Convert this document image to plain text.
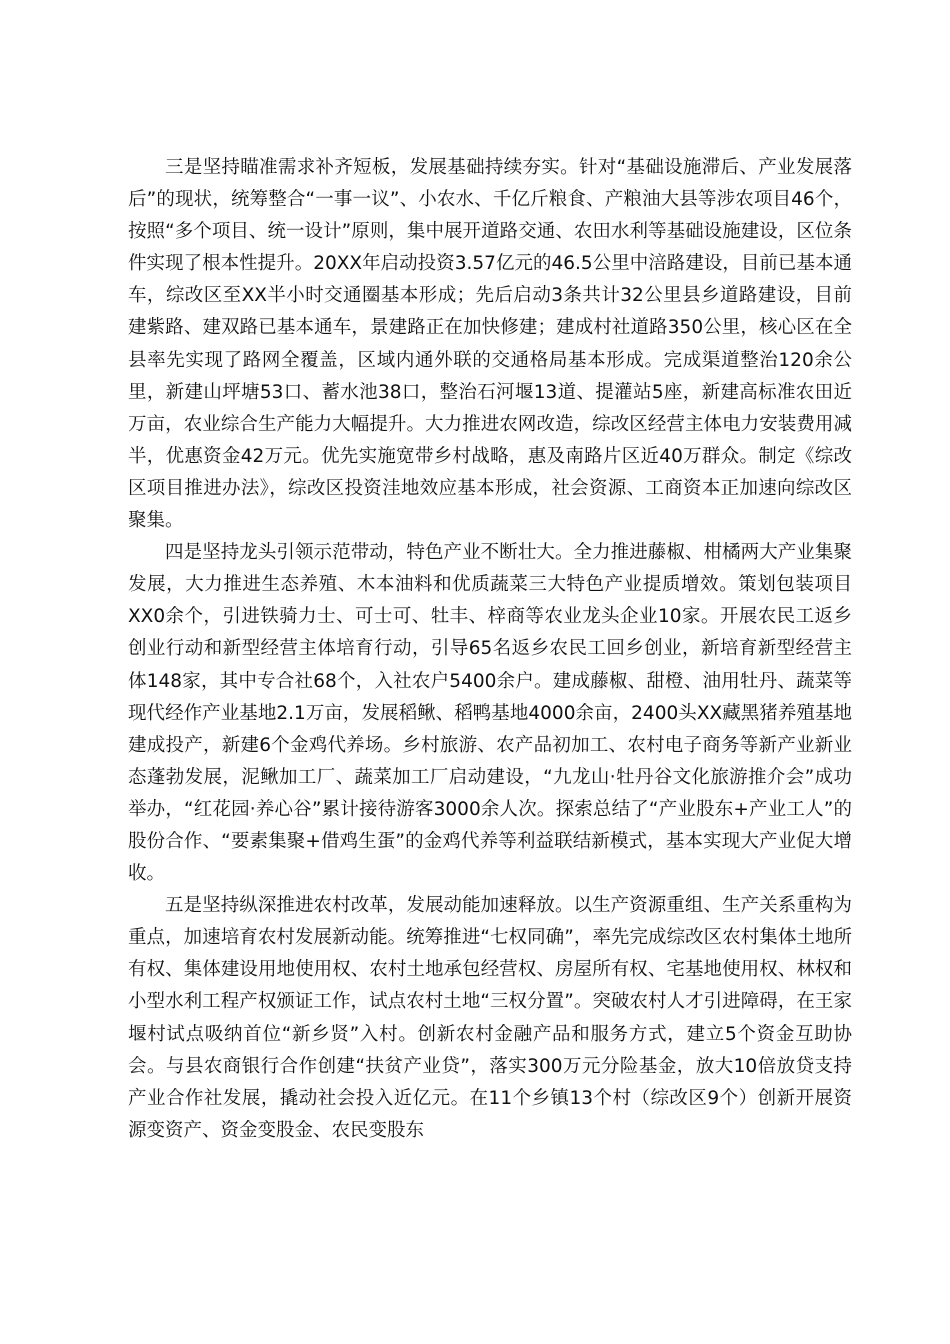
三是坚持瞄准需求补齐短板，发展基础持续夯实。针对“基础设施滞后、产业发展落后”的现状，统筹整合“一事一议”、小农水、千亿斤粮食、产粮油大县等涉农项目46个，按照“多个项目、统一设计”原则，集中展开道路交通、农田水利等基础设施建设，区位条件实现了根本性提升。20XX年启动投资3.57亿元的46.5公里中涪路建设，目前已基本通车，综改区至XX半小时交通圈基本形成；先后启动3条共计32公里县乡道路建设，目前建紫路、建双路已基本通车，景建路正在加快修建；建成村社道路350公里，核心区在全县率先实现了路网全覆盖，区域内通外联的交通格局基本形成。完成渠道整治120余公里，新建山坪塘53口、蓄水池38口，整治石河堰13道、提灌站5座，新建高标准农田近万亩，农业综合生产能力大幅提升。大力推进农网改造，综改区经营主体电力安装费用减半，优惠资金42万元。优先实施宽带乡村战略，惠及南路片区近40万群众。制定《综改区项目推进办法》，综改区投资洼地效应基本形成，社会资源、工商资本正加速向综改区聚集。

四是坚持龙头引领示范带动，特色产业不断壮大。全力推进藤椒、柑橘两大产业集聚发展，大力推进生态养殖、木本油料和优质蔬菜三大特色产业提质增效。策划包装项目XX0余个，引进铁骑力士、可士可、牡丰、梓商等农业龙头企业10家。开展农民工返乡创业行动和新型经营主体培育行动，引导65名返乡农民工回乡创业，新培育新型经营主体148家，其中专合社68个，入社农户5400余户。建成藤椒、甜橙、油用牡丹、蔬菜等现代经作产业基地2.1万亩，发展稻鳅、稻鸭基地4000余亩，2400头XX藏黑猪养殖基地建成投产，新建6个金鸡代养场。乡村旅游、农产品初加工、农村电子商务等新产业新业态蓬勃发展，泥鳅加工厂、蔬菜加工厂启动建设，“九龙山·牡丹谷文化旅游推介会”成功举办，“红花园·养心谷”累计接待游客3000余人次。探索总结了“产业股东+产业工人”的股份合作、“要素集聚+借鸡生蛋”的金鸡代养等利益联结新模式，基本实现大产业促大增收。

五是坚持纵深推进农村改革，发展动能加速释放。以生产资源重组、生产关系重构为重点，加速培育农村发展新动能。统筹推进“七权同确”，率先完成综改区农村集体土地所有权、集体建设用地使用权、农村土地承包经营权、房屋所有权、宅基地使用权、林权和小型水利工程产权颁证工作，试点农村土地“三权分置”。突破农村人才引进障碍，在王家堰村试点吸纳首位“新乡贤”入村。创新农村金融产品和服务方式，建立5个资金互助协会。与县农商银行合作创建“扶贫产业贷”，落实300万元分险基金，放大10倍放贷支持产业合作社发展，撬动社会投入近亿元。在11个乡镇13个村（综改区9个）创新开展资源变资产、资金变股金、农民变股东
